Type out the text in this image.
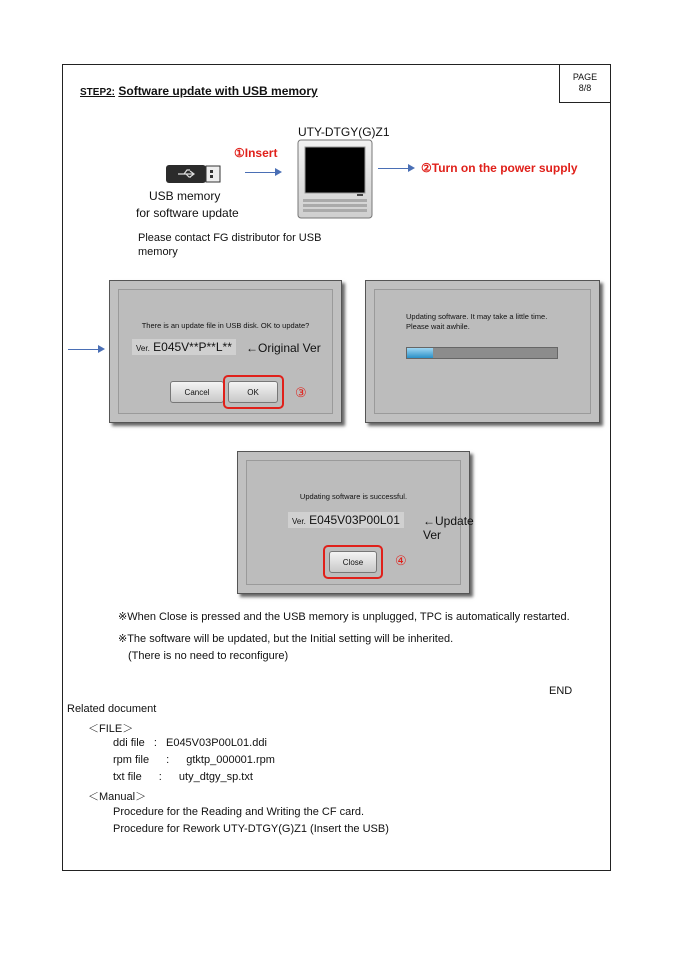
PAGE
8/8
STEP2: Software update with USB memory
UTY-DTGY(G)Z1
USB memory
for software update
①Insert
②Turn on the power supply
Please contact FG distributor for USB
memory
There is an update file in USB disk. OK to update?
Ver. E045V**P**L**	←Original Ver
Cancel	OK	③
Updating software. It may take a little time.
Please wait awhile.
Updating software is successful.
Ver. E045V03P00L01	←Update Ver
Close	④
※When Close is pressed and the USB memory is unplugged, TPC is automatically restarted.
※The software will be updated, but the Initial setting will be inherited.
(There is no need to reconfigure)
END
Related document
＜FILE＞
ddi file : E045V03P00L01.ddi
rpm file : gtktp_000001.rpm
txt file : uty_dtgy_sp.txt
＜Manual＞
Procedure for the Reading and Writing the CF card.
Procedure for Rework UTY-DTGY(G)Z1 (Insert the USB)
